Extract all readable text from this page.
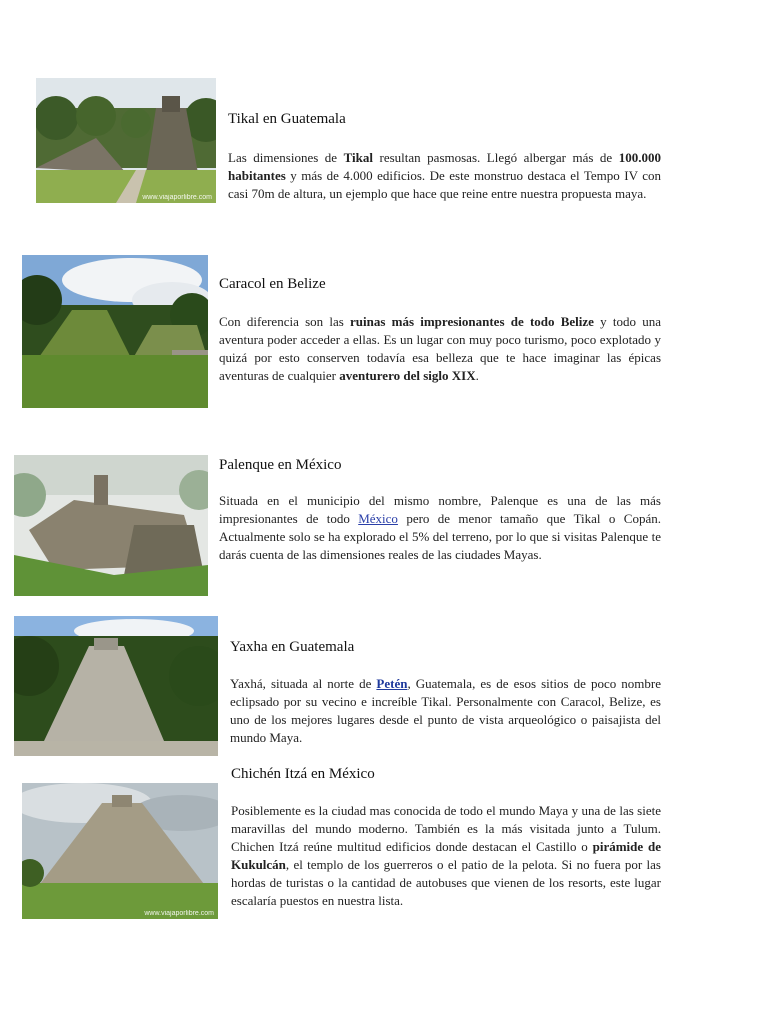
www.viajaporlibre.com
Tikal en Guatemala

Las dimensiones de Tikal resultan pasmosas. Llegó albergar más de 100.000 habitantes y más de 4.000 edificios. De este monstruo destaca el Tempo IV con casi 70m de altura, un ejemplo que hace que reine entre nuestra propuesta maya.

Caracol en Belize

Con diferencia son las ruinas más impresionantes de todo Belize y todo una aventura poder acceder a ellas. Es un lugar con muy poco turismo, poco explotado y quizá por esto conserven todavía esa belleza que te hace imaginar las épicas aventuras de cualquier aventurero del siglo XIX.

Palenque en México

Situada en el municipio del mismo nombre, Palenque es una de las más impresionantes de todo México pero de menor tamaño que Tikal o Copán. Actualmente solo se ha explorado el 5% del terreno, por lo que si visitas Palenque te darás cuenta de las dimensiones reales de las ciudades Mayas.

Yaxha en Guatemala

Yaxhá, situada al norte de Petén, Guatemala, es de esos sitios de poco nombre eclipsado por su vecino e increíble Tikal. Personalmente con Caracol, Belize, es uno de los mejores lugares desde el punto de vista arqueológico o paisajista del mundo Maya.

www.viajaporlibre.com
Chichén Itzá en México

Posiblemente es la ciudad mas conocida de todo el mundo Maya y una de las siete maravillas del mundo moderno. También es la más visitada junto a Tulum. Chichen Itzá reúne multitud edificios donde destacan el Castillo o pirámide de Kukulcán, el templo de los guerreros o el patio de la pelota. Si no fuera por las hordas de turistas o la cantidad de autobuses que vienen de los resorts, este lugar escalaría puestos en nuestra lista.
